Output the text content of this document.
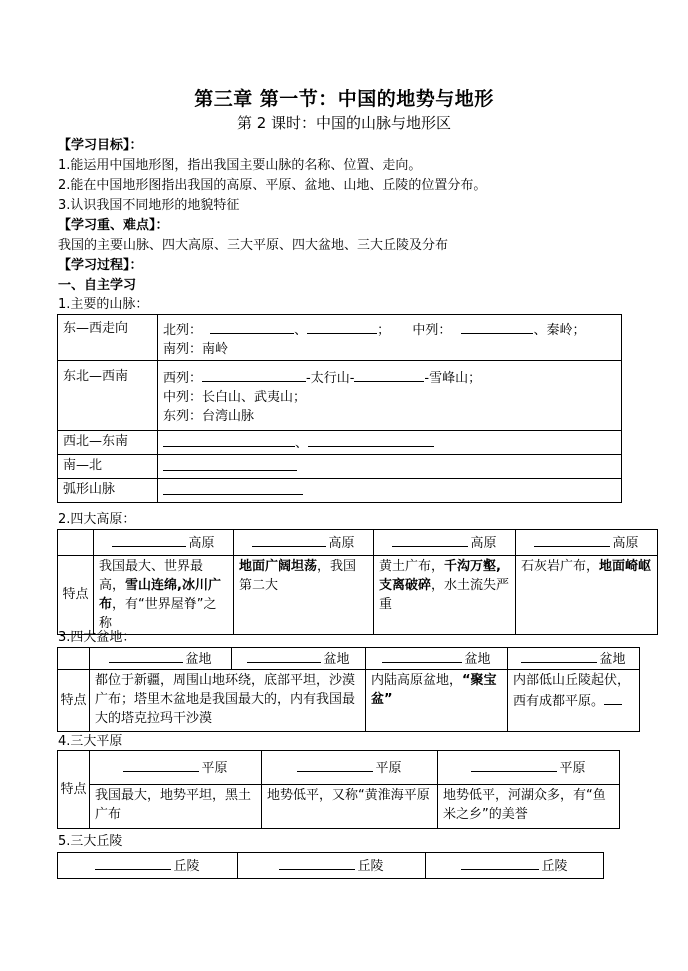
第三章 第一节：中国的地势与地形
第 2 课时：中国的山脉与地形区
【学习目标】：
1.能运用中国地形图，指出我国主要山脉的名称、位置、走向。
2.能在中国地形图指出我国的高原、平原、盆地、山地、丘陵的位置分布。
3.认识我国不同地形的地貌特征
【学习重、难点】：
我国的主要山脉、四大高原、三大平原、四大盆地、三大丘陵及分布
【学习过程】：
一、自主学习
1.主要的山脉：
东—西走向	北列： 、 ； 中列： 、秦岭；
南列：南岭
东北—西南	西列： -太行山- -雪峰山；
中列：长白山、武夷山；
东列：台湾山脉
西北—东南	、
南—北	
弧形山脉	
2.四大高原：
	高原	高原	高原	高原
特点	我国最大、世界最高，雪山连绵,冰川广布，有“世界屋脊”之称	地面广阔坦荡，我国第二大	黄土广布，千沟万壑,支离破碎，水土流失严重	石灰岩广布，地面崎岖
3.四大盆地：
	盆地	盆地	盆地	盆地
特点	都位于新疆，周围山地环绕，底部平坦，沙漠广布；塔里木盆地是我国最大的，内有我国最大的塔克拉玛干沙漠		内陆高原盆地，“聚宝盆”	内部低山丘陵起伏，西有成都平原。
4.三大平原
特点	平原	平原	平原
	我国最大，地势平坦，黑土广布	地势低平，又称“黄淮海平原	地势低平，河湖众多，有“鱼米之乡”的美誉
5.三大丘陵
丘陵	丘陵	丘陵
